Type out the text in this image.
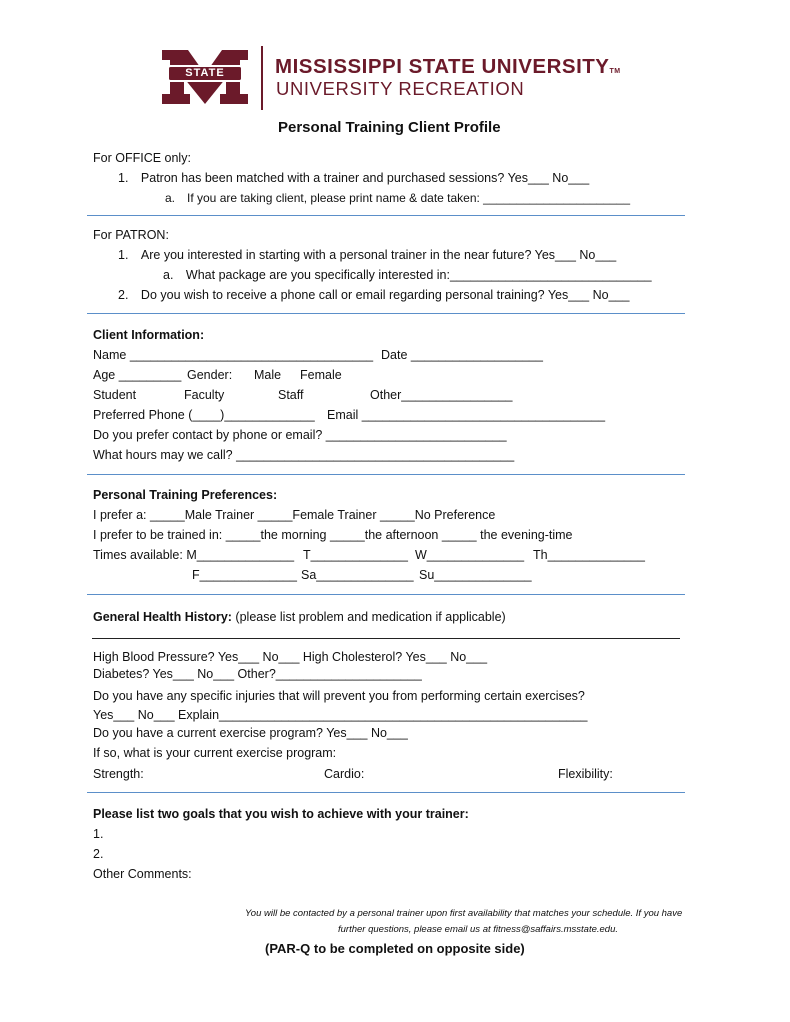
STATE	MISSISSIPPI STATE UNIVERSITYTM
UNIVERSITY RECREATION
Personal Training Client Profile
For OFFICE only:
1. Patron has been matched with a trainer and purchased sessions? Yes___ No___
a. If you are taking client, please print name & date taken: ______________________
For PATRON:
1. Are you interested in starting with a personal trainer in the near future? Yes___ No___
a. What package are you specifically interested in:_____________________________
2. Do you wish to receive a phone call or email regarding personal training? Yes___ No___
Client Information:
Name ___________________________________ Date ___________________
Age _________ Gender: Male Female
Student	Faculty	Staff	Other________________
Preferred Phone (____)_____________ Email ___________________________________
Do you prefer contact by phone or email? __________________________
What hours may we call? ________________________________________
Personal Training Preferences:
I prefer a: _____Male Trainer _____Female Trainer _____No Preference
I prefer to be trained in: _____the morning _____the afternoon _____ the evening-time
Times available: M______________ T______________ W______________ Th______________
F______________ Sa______________ Su______________
General Health History: (please list problem and medication if applicable)
High Blood Pressure? Yes___ No___ High Cholesterol? Yes___ No___
Diabetes? Yes___ No___ Other?_____________________
Do you have any specific injuries that will prevent you from performing certain exercises?
Yes___ No___ Explain_____________________________________________________
Do you have a current exercise program? Yes___ No___
If so, what is your current exercise program:
Strength:	Cardio:	Flexibility:
Please list two goals that you wish to achieve with your trainer:
1.
2.
Other Comments:
You will be contacted by a personal trainer upon first availability that matches your schedule. If you have
further questions, please email us at fitness@saffairs.msstate.edu.
(PAR-Q to be completed on opposite side)
